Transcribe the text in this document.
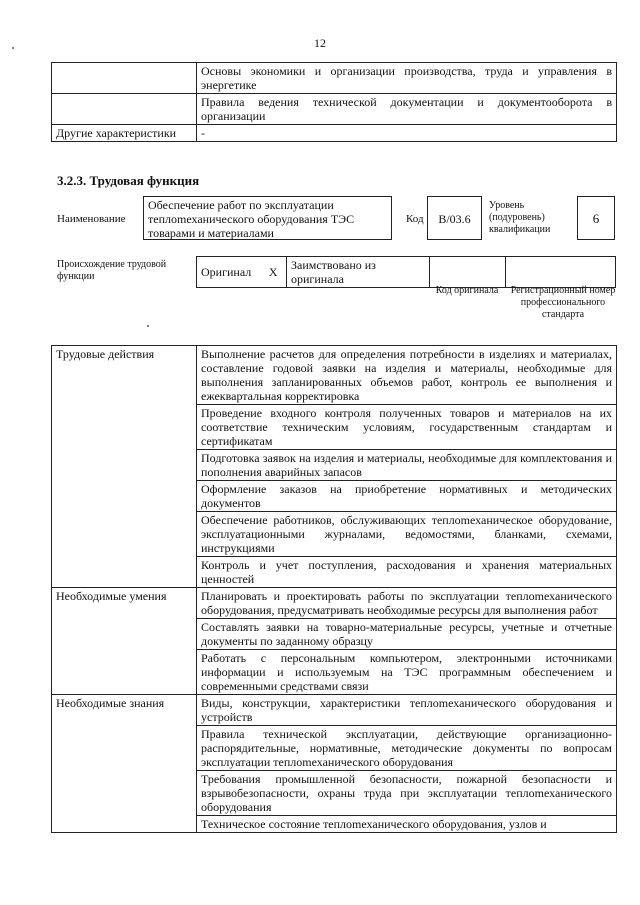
12
	Основы экономики и организации производства, труда и управления в энергетике
	Правила ведения технической документации и документооборота в организации
Другие характеристики	-
3.2.3. Трудовая функция
Наименование
Обеспечение работ по эксплуатации теплomеханического оборудования ТЭС товарами и материалами
Код	В/03.6
Уровень (подуровень) квалификации
6
Происхождение трудовой функции	Оригинал	X	Заимствовано из оригинала		
Код оригинала	Регистрационный номер профессионального стандарта
Трудовые действия	Выполнение расчетов для определения потребности в изделиях и материалах, составление годовой заявки на изделия и материалы, необходимые для выполнения запланированных объемов работ, контроль ее выполнения и ежеквартальная корректировка
	Проведение входного контроля полученных товаров и материалов на их соответствие техническим условиям, государственным стандартам и сертификатам
	Подготовка заявок на изделия и материалы, необходимые для комплектования и пополнения аварийных запасов
	Оформление заказов на приобретение нормативных и методических документов
	Обеспечение работников, обслуживающих теплomеханическое оборудование, эксплуатационными журналами, ведомостями, бланками, схемами, инструкциями
	Контроль и учет поступления, расходования и хранения материальных ценностей
Необходимые умения	Планировать и проектировать работы по эксплуатации теплomеханического оборудования, предусматривать необходимые ресурсы для выполнения работ
	Составлять заявки на товарно-материальные ресурсы, учетные и отчетные документы по заданному образцу
	Работать с персональным компьютером, электронными источниками информации и используемым на ТЭС программным обеспечением и современными средствами связи
Необходимые знания	Виды, конструкции, характеристики теплomеханического оборудования и устройств
	Правила технической эксплуатации, действующие организационно-распорядительные, нормативные, методические документы по вопросам эксплуатации теплomеханического оборудования
	Требования промышленной безопасности, пожарной безопасности и взрывобезопасности, охраны труда при эксплуатации теплomеханического оборудования
	Техническое состояние теплomеханического оборудования, узлов и
